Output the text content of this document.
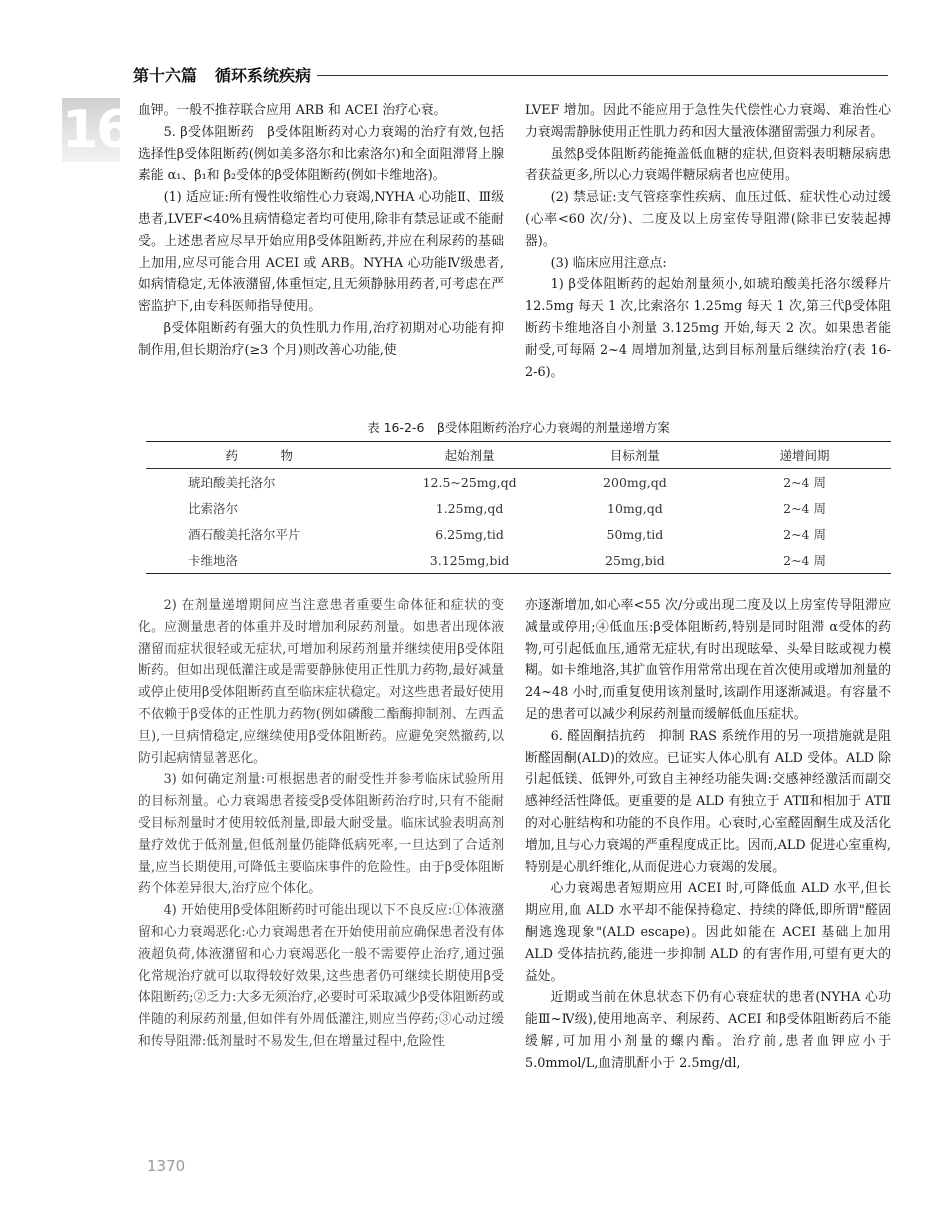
第十六篇 循环系统疾病
16 血钾。一般不推荐联合应用 ARB 和 ACEI 治疗心衰。

5. β受体阻断药　β受体阻断药对心力衰竭的治疗有效,包括选择性β受体阻断药(例如美多洛尔和比索洛尔)和全面阻滞肾上腺素能 α₁、β₁和 β₂受体的β受体阻断药(例如卡维地洛)。

(1) 适应证:所有慢性收缩性心力衰竭,NYHA 心功能Ⅱ、Ⅲ级患者,LVEF<40%且病情稳定者均可使用,除非有禁忌证或不能耐受。上述患者应尽早开始应用β受体阻断药,并应在利尿药的基础上加用,应尽可能合用 ACEI 或 ARB。NYHA 心功能Ⅳ级患者,如病情稳定,无体液潴留,体重恒定,且无须静脉用药者,可考虑在严密监护下,由专科医师指导使用。

β受体阻断药有强大的负性肌力作用,治疗初期对心功能有抑制作用,但长期治疗(≥3 个月)则改善心功能,使

LVEF 增加。因此不能应用于急性失代偿性心力衰竭、难治性心力衰竭需静脉使用正性肌力药和因大量液体潴留需强力利尿者。

虽然β受体阻断药能掩盖低血糖的症状,但资料表明糖尿病患者获益更多,所以心力衰竭伴糖尿病者也应使用。

(2) 禁忌证:支气管痉挛性疾病、血压过低、症状性心动过缓(心率<60 次/分)、二度及以上房室传导阻滞(除非已安装起搏器)。

(3) 临床应用注意点:

1) β受体阻断药的起始剂量须小,如琥珀酸美托洛尔缓释片 12.5mg 每天 1 次,比索洛尔 1.25mg 每天 1 次,第三代β受体阻断药卡维地洛自小剂量 3.125mg 开始,每天 2 次。如果患者能耐受,可每隔 2~4 周增加剂量,达到目标剂量后继续治疗(表 16-2-6)。

表 16-2-6　β受体阻断药治疗心力衰竭的剂量递增方案
药　物	起始剂量	目标剂量	递增间期
琥珀酸美托洛尔	12.5~25mg,qd	200mg,qd	2~4 周
比索洛尔	1.25mg,qd	10mg,qd	2~4 周
酒石酸美托洛尔平片	6.25mg,tid	50mg,tid	2~4 周
卡维地洛	3.125mg,bid	25mg,bid	2~4 周

2) 在剂量递增期间应当注意患者重要生命体征和症状的变化。应测量患者的体重并及时增加利尿药剂量。如患者出现体液潴留而症状很轻或无症状,可增加利尿药剂量并继续使用β受体阻断药。但如出现低灌注或是需要静脉使用正性肌力药物,最好减量或停止使用β受体阻断药直至临床症状稳定。对这些患者最好使用不依赖于β受体的正性肌力药物(例如磷酸二酯酶抑制剂、左西孟旦),一旦病情稳定,应继续使用β受体阻断药。应避免突然撤药,以防引起病情显著恶化。

3) 如何确定剂量:可根据患者的耐受性并参考临床试验所用的目标剂量。心力衰竭患者接受β受体阻断药治疗时,只有不能耐受目标剂量时才使用较低剂量,即最大耐受量。临床试验表明高剂量疗效优于低剂量,但低剂量仍能降低病死率,一旦达到了合适剂量,应当长期使用,可降低主要临床事件的危险性。由于β受体阻断药个体差异很大,治疗应个体化。

4) 开始使用β受体阻断药时可能出现以下不良反应:①体液潴留和心力衰竭恶化:心力衰竭患者在开始使用前应确保患者没有体液超负荷,体液潴留和心力衰竭恶化一般不需要停止治疗,通过强化常规治疗就可以取得较好效果,这些患者仍可继续长期使用β受体阻断药;②乏力:大多无须治疗,必要时可采取减少β受体阻断药或伴随的利尿药剂量,但如伴有外周低灌注,则应当停药;③心动过缓和传导阻滞:低剂量时不易发生,但在增量过程中,危险性

亦逐渐增加,如心率<55 次/分或出现二度及以上房室传导阻滞应减量或停用;④低血压:β受体阻断药,特别是同时阻滞 α受体的药物,可引起低血压,通常无症状,有时出现眩晕、头晕目眩或视力模糊。如卡维地洛,其扩血管作用常常出现在首次使用或增加剂量的 24~48 小时,而重复使用该剂量时,该副作用逐渐减退。有容量不足的患者可以减少利尿药剂量而缓解低血压症状。

6. 醛固酮拮抗药　抑制 RAS 系统作用的另一项措施就是阻断醛固酮(ALD)的效应。已证实人体心肌有 ALD 受体。ALD 除引起低镁、低钾外,可致自主神经功能失调:交感神经激活而副交感神经活性降低。更重要的是 ALD 有独立于 ATⅡ和相加于 ATⅡ的对心脏结构和功能的不良作用。心衰时,心室醛固酮生成及活化增加,且与心力衰竭的严重程度成正比。因而,ALD 促进心室重构,特别是心肌纤维化,从而促进心力衰竭的发展。

心力衰竭患者短期应用 ACEI 时,可降低血 ALD 水平,但长期应用,血 ALD 水平却不能保持稳定、持续的降低,即所谓"醛固酮逃逸现象"(ALD escape)。因此如能在 ACEI 基础上加用 ALD 受体拮抗药,能进一步抑制 ALD 的有害作用,可望有更大的益处。

近期或当前在休息状态下仍有心衰症状的患者(NYHA 心功能Ⅲ~Ⅳ级),使用地高辛、利尿药、ACEI 和β受体阻断药后不能缓解,可加用小剂量的螺内酯。治疗前,患者血钾应小于 5.0mmol/L,血清肌酐小于 2.5mg/dl,

1370
